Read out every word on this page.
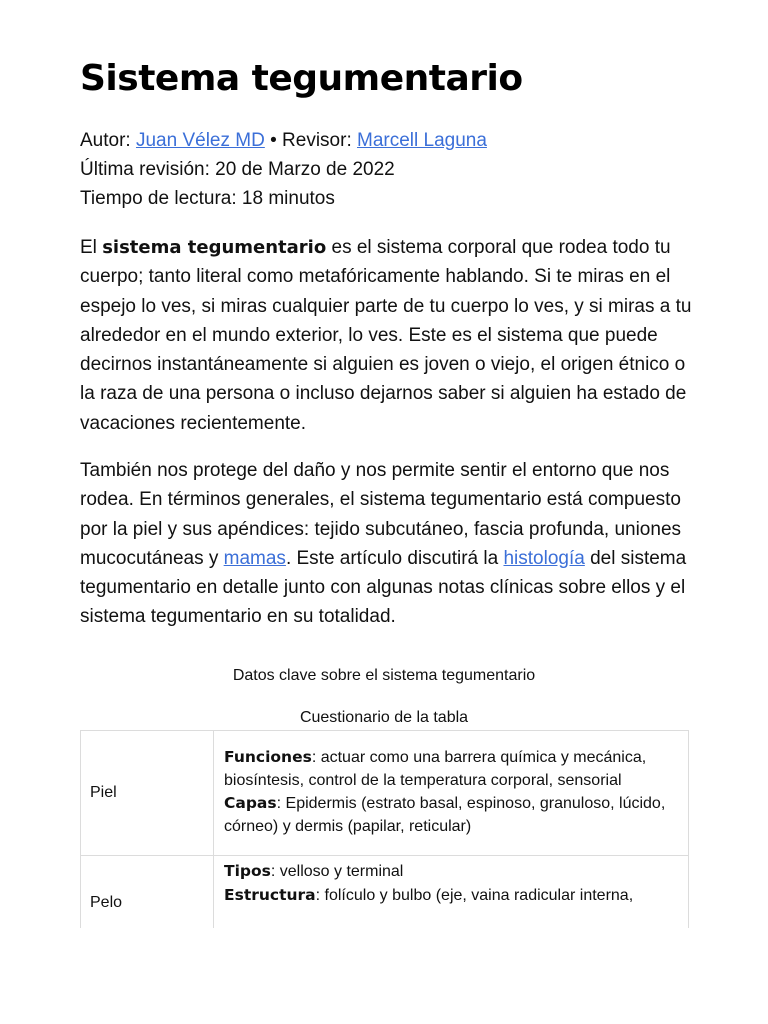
Sistema tegumentario
Autor: Juan Vélez MD • Revisor: Marcell Laguna
Última revisión: 20 de Marzo de 2022
Tiempo de lectura: 18 minutos

El sistema tegumentario es el sistema corporal que rodea todo tu cuerpo; tanto literal como metafóricamente hablando. Si te miras en el espejo lo ves, si miras cualquier parte de tu cuerpo lo ves, y si miras a tu alrededor en el mundo exterior, lo ves. Este es el sistema que puede decirnos instantáneamente si alguien es joven o viejo, el origen étnico o la raza de una persona o incluso dejarnos saber si alguien ha estado de vacaciones recientemente.

También nos protege del daño y nos permite sentir el entorno que nos rodea. En términos generales, el sistema tegumentario está compuesto por la piel y sus apéndices: tejido subcutáneo, fascia profunda, uniones mucocutáneas y mamas. Este artículo discutirá la histología del sistema tegumentario en detalle junto con algunas notas clínicas sobre ellos y el sistema tegumentario en su totalidad.

Datos clave sobre el sistema tegumentario
Cuestionario de la tabla
Piel	Funciones: actuar como una barrera química y mecánica, biosíntesis, control de la temperatura corporal, sensorial
Capas: Epidermis (estrato basal, espinoso, granuloso, lúcido, córneo) y dermis (papilar, reticular)

Pelo	Tipos: velloso y terminal
Estructura: folículo y bulbo (eje, vaina radicular interna,
